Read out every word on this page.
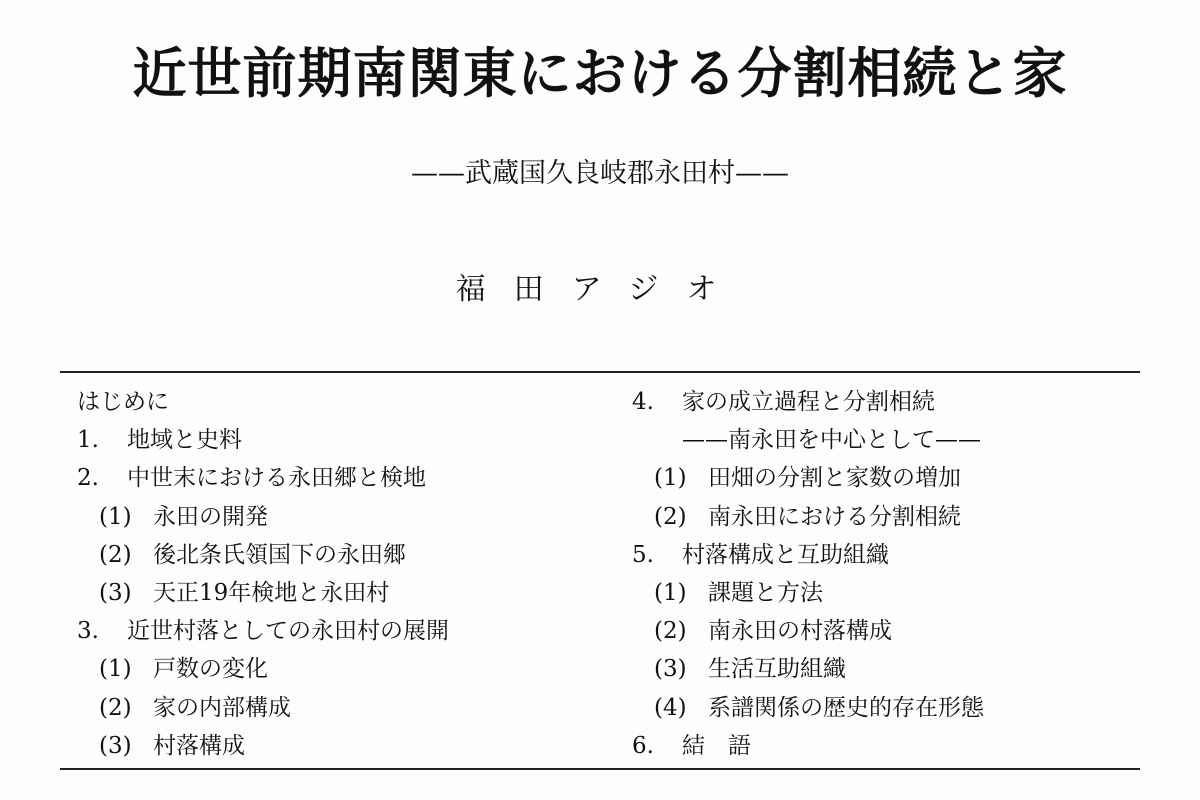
近世前期南関東における分割相続と家
——武蔵国久良岐郡永田村——
福田アジオ
はじめに
1. 地域と史料
2. 中世末における永田郷と検地
(1) 永田の開発
(2) 後北条氏領国下の永田郷
(3) 天正19年検地と永田村
3. 近世村落としての永田村の展開
(1) 戸数の変化
(2) 家の内部構成
(3) 村落構成
4. 家の成立過程と分割相続
——南永田を中心として——
(1) 田畑の分割と家数の増加
(2) 南永田における分割相続
5. 村落構成と互助組織
(1) 課題と方法
(2) 南永田の村落構成
(3) 生活互助組織
(4) 系譜関係の歴史的存在形態
6. 結　語
